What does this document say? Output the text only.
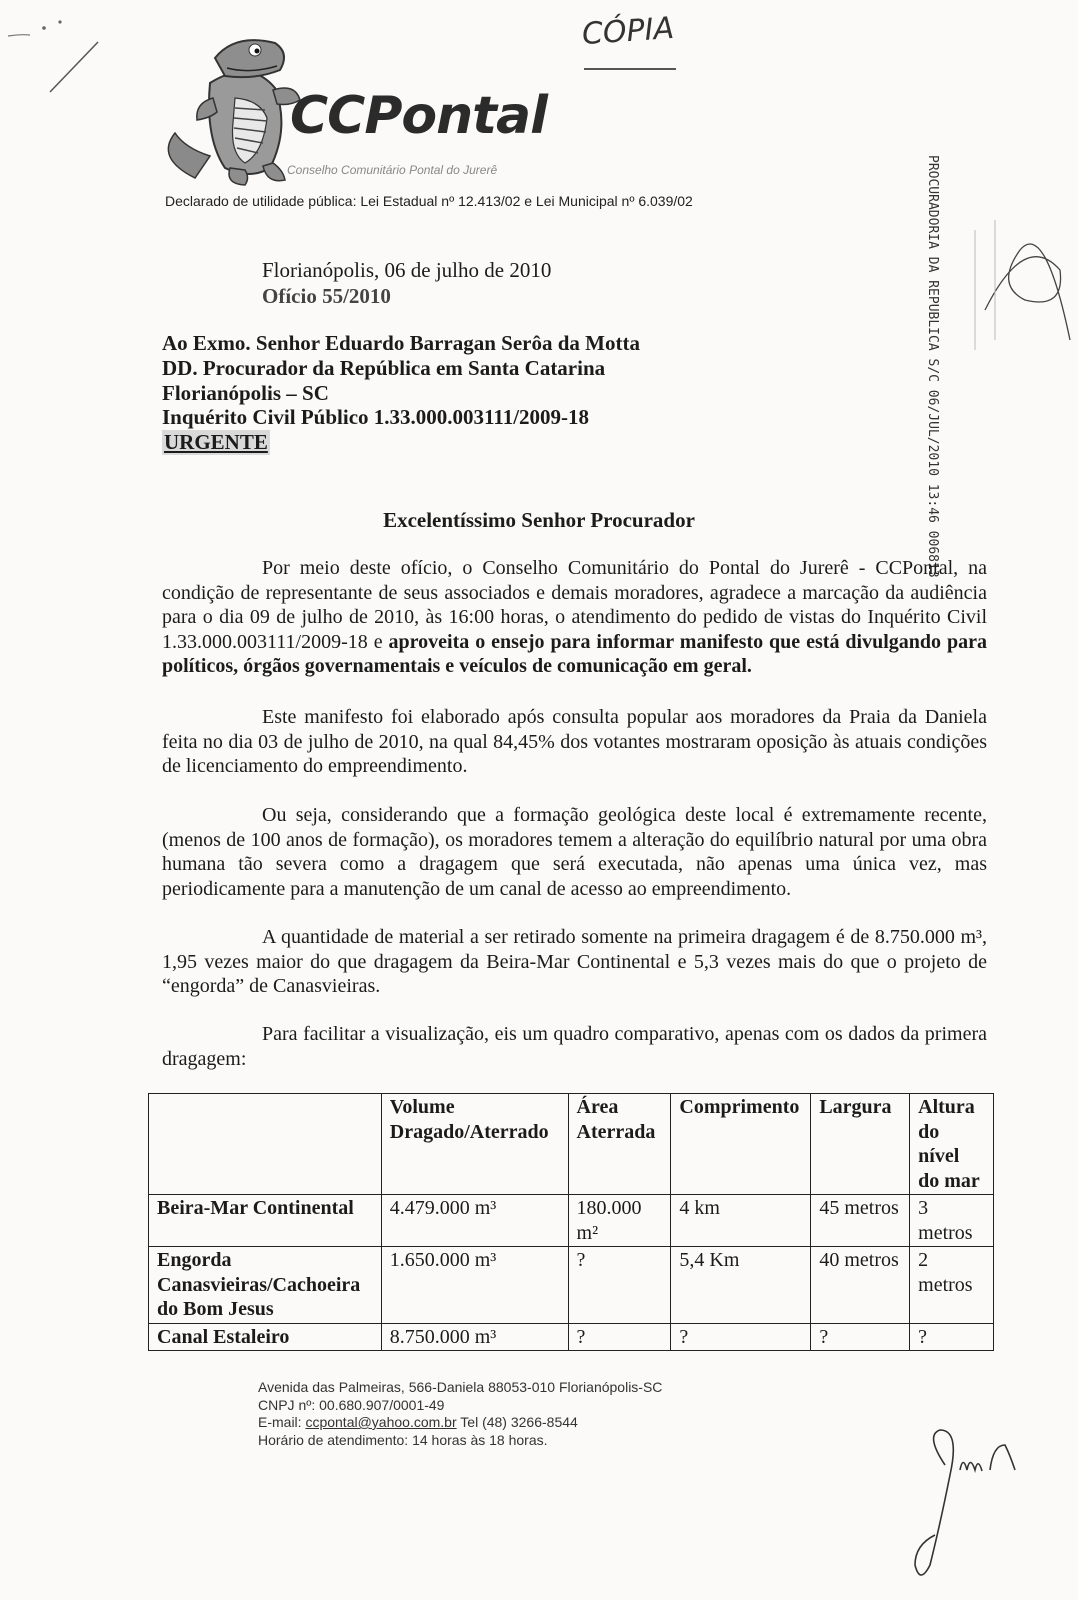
CCPontal
Conselho Comunitário Pontal do Jurerê
Declarado de utilidade pública: Lei Estadual nº 12.413/02 e Lei Municipal nº 6.039/02
CÓPIA
PROCURADORIA DA REPUBLICA S/C 06/JUL/2010 13:46 006813
Florianópolis, 06 de julho de 2010
Ofício 55/2010
Ao Exmo. Senhor Eduardo Barragan Serôa da Motta
DD. Procurador da República em Santa Catarina
Florianópolis – SC
Inquérito Civil Público 1.33.000.003111/2009-18
URGENTE
Excelentíssimo Senhor Procurador

Por meio deste ofício, o Conselho Comunitário do Pontal do Jurerê - CCPontal, na condição de representante de seus associados e demais moradores, agradece a marcação da audiência para o dia 09 de julho de 2010, às 16:00 horas, o atendimento do pedido de vistas do Inquérito Civil 1.33.000.003111/2009-18 e aproveita o ensejo para informar manifesto que está divulgando para políticos, órgãos governamentais e veículos de comunicação em geral.

Este manifesto foi elaborado após consulta popular aos moradores da Praia da Daniela feita no dia 03 de julho de 2010, na qual 84,45% dos votantes mostraram oposição às atuais condições de licenciamento do empreendimento.

Ou seja, considerando que a formação geológica deste local é extremamente recente, (menos de 100 anos de formação), os moradores temem a alteração do equilíbrio natural por uma obra humana tão severa como a dragagem que será executada, não apenas uma única vez, mas periodicamente para a manutenção de um canal de acesso ao empreendimento.

A quantidade de material a ser retirado somente na primeira dragagem é de 8.750.000 m³, 1,95 vezes maior do que dragagem da Beira-Mar Continental e 5,3 vezes mais do que o projeto de “engorda” de Canasvieiras.

Para facilitar a visualização, eis um quadro comparativo, apenas com os dados da primera dragagem:

	Volume Dragado/Aterrado	Área Aterrada	Comprimento	Largura	Altura do nível do mar
Beira-Mar Continental	4.479.000 m³	180.000 m²	4 km	45 metros	3 metros
Engorda Canasvieiras/Cachoeira do Bom Jesus	1.650.000 m³	?	5,4 Km	40 metros	2 metros
Canal Estaleiro	8.750.000 m³	?	?	?	?
Avenida das Palmeiras, 566-Daniela 88053-010 Florianópolis-SC
CNPJ nº: 00.680.907/0001-49
E-mail: ccpontal@yahoo.com.br Tel (48) 3266-8544
Horário de atendimento: 14 horas às 18 horas.
